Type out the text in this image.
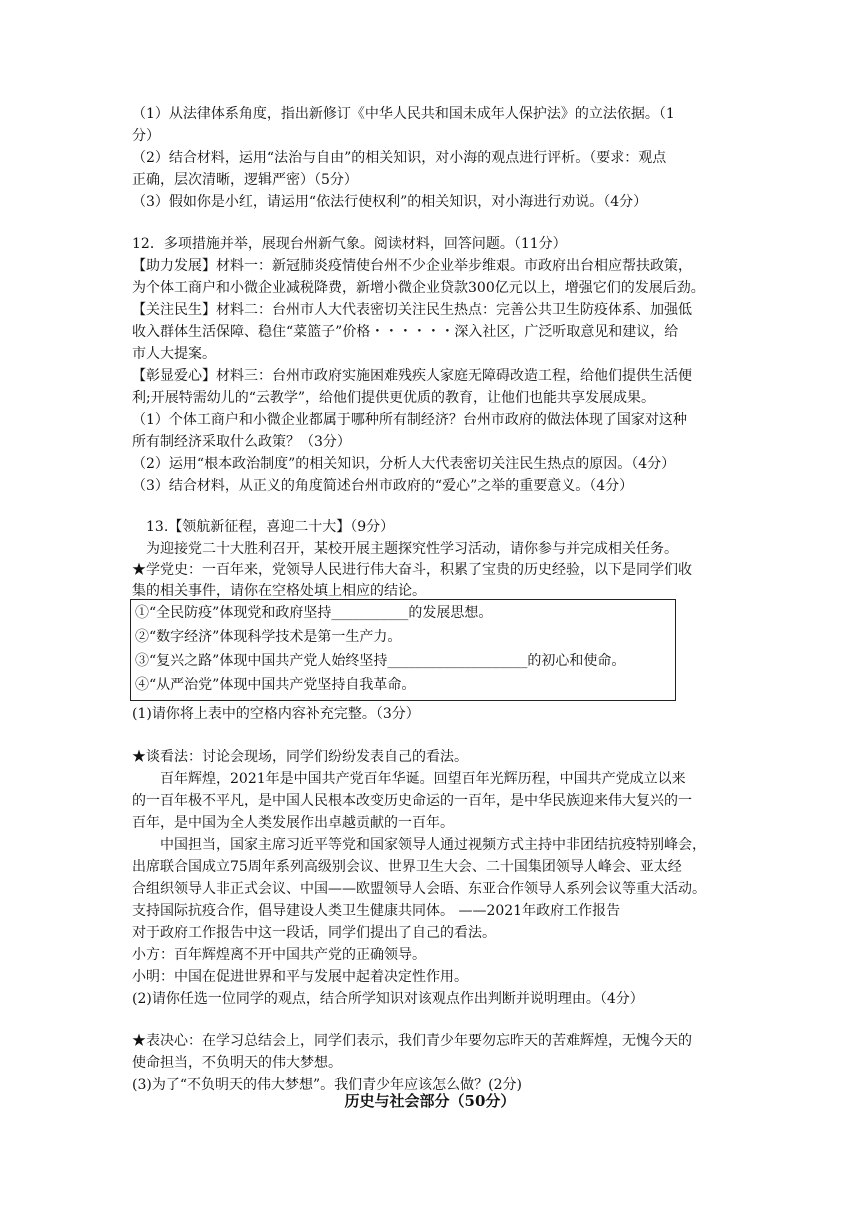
（1）从法律体系角度，指出新修订《中华人民共和国未成年人保护法》的立法依据。（1
分）
（2）结合材料，运用“法治与自由”的相关知识，对小海的观点进行评析。（要求：观点
正确，层次清晰，逻辑严密）（5分）
（3）假如你是小红，请运用“依法行使权利”的相关知识，对小海进行劝说。（4分）
12．多项措施并举，展现台州新气象。阅读材料，回答问题。（11分）
【助力发展】材料一：新冠肺炎疫情使台州不少企业举步维艰。市政府出台相应帮扶政策，
为个体工商户和小微企业减税降费，新增小微企业贷款300亿元以上，增强它们的发展后劲。
【关注民生】材料二：台州市人大代表密切关注民生热点：完善公共卫生防疫体系、加强低
收入群体生活保障、稳住“菜篮子”价格・・・・・・深入社区，广泛听取意见和建议，给
市人大提案。
【彰显爱心】材料三：台州市政府实施困难残疾人家庭无障碍改造工程，给他们提供生活便
利;开展特需幼儿的“云教学”，给他们提供更优质的教育，让他们也能共享发展成果。
（1）个体工商户和小微企业都属于哪种所有制经济？台州市政府的做法体现了国家对这种
所有制经济采取什么政策？（3分）
（2）运用“根本政治制度”的相关知识，分析人大代表密切关注民生热点的原因。（4分）
（3）结合材料，从正义的角度简述台州市政府的“爱心”之举的重要意义。（4分）
13.【领航新征程，喜迎二十大】（9分）
为迎接党二十大胜利召开，某校开展主题探究性学习活动，请你参与并完成相关任务。
★学党史：一百年来，党领导人民进行伟大奋斗，积累了宝贵的历史经验，以下是同学们收
集的相关事件，请你在空格处填上相应的结论。
①“全民防疫”体现党和政府坚持___________的发展思想。
②“数字经济”体现科学技术是第一生产力。
③“复兴之路”体现中国共产党人始终坚持____________________的初心和使命。
④“从严治党”体现中国共产党坚持自我革命。
(1)请你将上表中的空格内容补充完整。（3分）
★谈看法：讨论会现场，同学们纷纷发表自己的看法。
百年辉煌，2021年是中国共产党百年华诞。回望百年光辉历程，中国共产党成立以来
的一百年极不平凡，是中国人民根本改变历史命运的一百年，是中华民族迎来伟大复兴的一
百年，是中国为全人类发展作出卓越贡献的一百年。
中国担当，国家主席习近平等党和国家领导人通过视频方式主持中非团结抗疫特别峰会，
出席联合国成立75周年系列高级别会议、世界卫生大会、二十国集团领导人峰会、亚太经
合组织领导人非正式会议、中国——欧盟领导人会晤、东亚合作领导人系列会议等重大活动。
支持国际抗疫合作，倡导建设人类卫生健康共同体。 ——2021年政府工作报告
对于政府工作报告中这一段话，同学们提出了自己的看法。
小方：百年辉煌离不开中国共产党的正确领导。
小明：中国在促进世界和平与发展中起着决定性作用。
(2)请你任选一位同学的观点，结合所学知识对该观点作出判断并说明理由。（4分）
★表决心：在学习总结会上，同学们表示，我们青少年要勿忘昨天的苦难辉煌，无愧今天的
使命担当，不负明天的伟大梦想。
(3)为了“不负明天的伟大梦想”。我们青少年应该怎么做？(2分)
历史与社会部分（50分）
